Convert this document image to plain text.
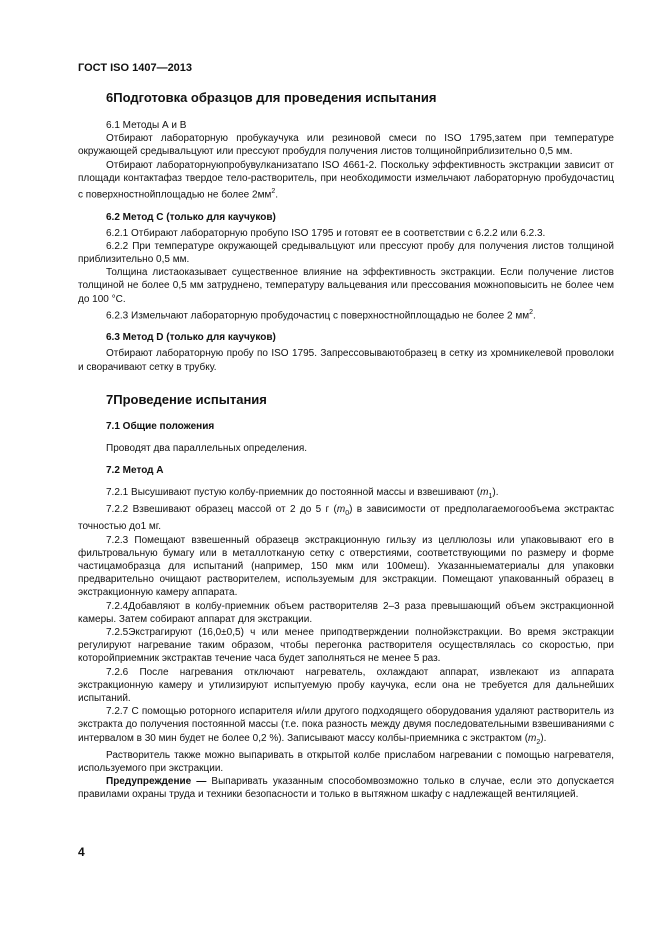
ГОСТ ISO 1407—2013
6Подготовка образцов для проведения испытания

6.1 Методы А и В

Отбирают лабораторную пробукаучука или резиновой смеси по ISO 1795,затем при температуре окружающей средывальцуют или прессуют пробудля получения листов толщинойприблизительно 0,5 мм.

Отбирают лабораторнуюпробувулканизатапо ISO 4661-2. Поскольку эффективность экстракции зависит от площади контактафаз твердое тело-растворитель, при необходимости измельчают лабораторную пробудочастиц с поверхностнойплощадью не более $2мм^2$.

6.2 Метод С (только для каучуков)

6.2.1 Отбирают лабораторную пробупо ISO 1795 и готовят ее в соответствии с 6.2.2 или 6.2.3.

6.2.2 При температуре окружающей средывальцуют или прессуют пробу для получения листов толщиной приблизительно 0,5 мм.

Толщина листаоказывает существенное влияние на эффективность экстракции. Если получение листов толщиной не более 0,5 мм затруднено, температуру вальцевания или прессования можноповысить не более чем до 100 °С.

6.2.3 Измельчают лабораторную пробудочастиц с поверхностнойплощадью не более 2 $мм^2$.

6.3 Метод D (только для каучуков)

Отбирают лабораторную пробу по ISO 1795. Запрессовываютобразец в сетку из хромникелевой проволоки и сворачивают сетку в трубку.

7Проведение испытания
7.1 Общие положения

Проводят два параллельных определения.

7.2 Метод А

7.2.1 Высушивают пустую колбу-приемник до постоянной массы и взвешивают $(m_1)$.

7.2.2 Взвешивают образец массой от 2 до 5 г $(m_0)$ в зависимости от предполагаемогообъема экстрактас точностью до1 мг.

7.2.3 Помещают взвешенный образецв экстракционную гильзу из целлюлозы или упаковывают его в фильтровальную бумагу или в металлотканую сетку с отверстиями, соответствующими по размеру и форме частицамобразца для испытаний (например, 150 мкм или 100меш). Указанныематериалы для упаковки предварительно очищают растворителем, используемым для экстракции. Помещают упакованный образец в экстракционную камеру аппарата.

7.2.4Добавляют в колбу-приемник объем растворителяв 2–3 раза превышающий объем экстракционной камеры. Затем собирают аппарат для экстракции.

7.2.5Экстрагируют (16,0±0,5) ч или менее приподтверждении полнойэкстракции. Во время экстракции регулируют нагревание таким образом, чтобы перегонка растворителя осуществлялась со скоростью, при которойприемник экстрактав течение часа будет заполняться не менее 5 раз.

7.2.6 После нагревания отключают нагреватель, охлаждают аппарат, извлекают из аппарата экстракционную камеру и утилизируют испытуемую пробу каучука, если она не требуется для дальнейших испытаний.

7.2.7 С помощью роторного испарителя и/или другого подходящего оборудования удаляют растворитель из экстракта до получения постоянной массы (т.е. пока разность между двумя последовательными взвешиваниями с интервалом в 30 мин будет не более 0,2 %). Записывают массу колбы-приемника с экстрактом $(m_2)$.

Растворитель также можно выпаривать в открытой колбе прислабом нагревании с помощью нагревателя, используемого при экстракции.

Предупреждение — Выпаривать указанным способомвозможно только в случае, если это допускается правилами охраны труда и техники безопасности и только в вытяжном шкафу с надлежащей вентиляцией.

4
